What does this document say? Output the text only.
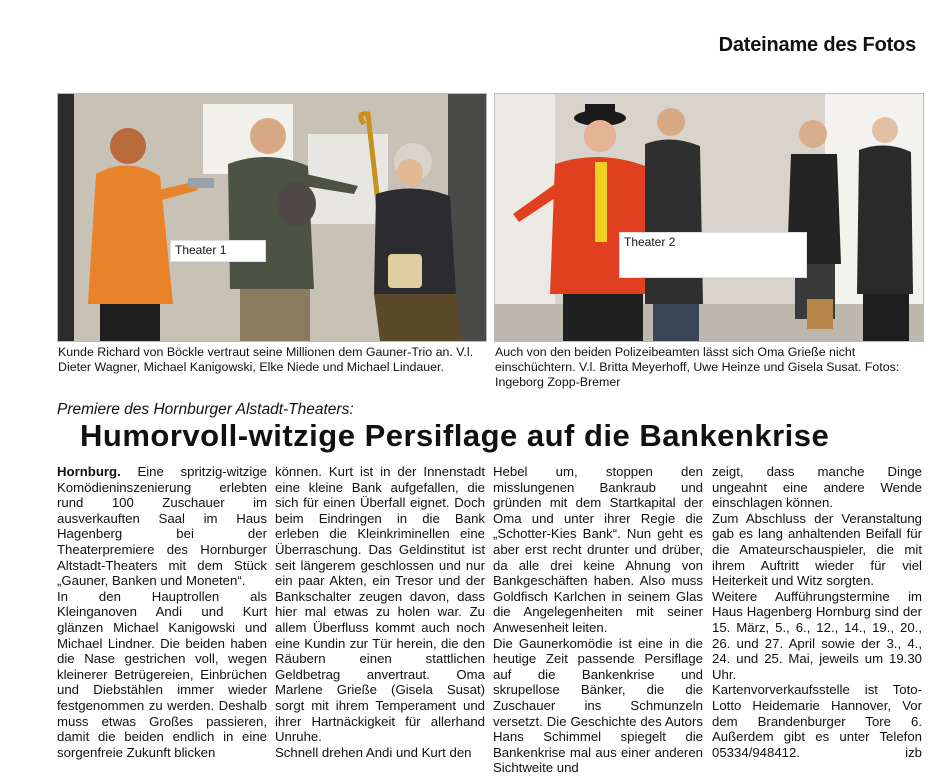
Dateiname des Fotos
Theater 1
Theater 2
Kunde Richard von Böckle vertraut seine Millionen dem Gauner-Trio an. V.l. Dieter Wagner, Michael Kanigowski, Elke Niede und Michael Lindauer.
Auch von den beiden Polizeibeamten lässt sich Oma Grieße nicht einschüchtern. V.l. Britta Meyerhoff, Uwe Heinze und Gisela Susat. Fotos: Ingeborg Zopp-Bremer
Premiere des Hornburger Alstadt-Theaters:
Humorvoll-witzige Persiflage auf die Bankenkrise

Hornburg. Eine spritzig-witzige Komödieninszenierung erlebten rund 100 Zuschauer im ausverkauften Saal im Haus Hagenberg bei der Theaterpremiere des Hornburger Altstadt-Theaters mit dem Stück „Gauner, Banken und Moneten“.

In den Hauptrollen als Kleinganoven Andi und Kurt glänzen Michael Kanigowski und Michael Lindner. Die beiden haben die Nase gestrichen voll, wegen kleinerer Betrügereien, Einbrüchen und Diebstählen immer wieder festgenommen zu werden. Deshalb muss etwas Großes passieren, damit die beiden endlich in eine sorgenfreie Zukunft blicken

können. Kurt ist in der Innenstadt eine kleine Bank aufgefallen, die sich für einen Überfall eignet. Doch beim Eindringen in die Bank erleben die Kleinkriminellen eine Überraschung. Das Geldinstitut ist seit längerem geschlossen und nur ein paar Akten, ein Tresor und der Bankschalter zeugen davon, dass hier mal etwas zu holen war. Zu allem Überfluss kommt auch noch eine Kundin zur Tür herein, die den Räubern einen stattlichen Geldbetrag anvertraut. Oma Marlene Grieße (Gisela Susat) sorgt mit ihrem Temperament und ihrer Hartnäckigkeit für allerhand Unruhe.

Schnell drehen Andi und Kurt den

Hebel um, stoppen den misslungenen Bankraub und gründen mit dem Startkapital der Oma und unter ihrer Regie die „Schotter-Kies Bank“. Nun geht es aber erst recht drunter und drüber, da alle drei keine Ahnung von Bankgeschäften haben. Also muss Goldfisch Karlchen in seinem Glas die Angelegenheiten mit seiner Anwesenheit leiten.

Die Gaunerkomödie ist eine in die heutige Zeit passende Persiflage auf die Bankenkrise und skrupellose Bänker, die die Zuschauer ins Schmunzeln versetzt. Die Geschichte des Autors Hans Schimmel spiegelt die Bankenkrise mal aus einer anderen Sichtweite und

zeigt, dass manche Dinge ungeahnt eine andere Wende einschlagen können.

Zum Abschluss der Veranstaltung gab es lang anhaltenden Beifall für die Amateurschauspieler, die mit ihrem Auftritt wieder für viel Heiterkeit und Witz sorgten.

Weitere Aufführungstermine im Haus Hagenberg Hornburg sind der 15. März, 5., 6., 12., 14., 19., 20., 26. und 27. April sowie der 3., 4., 24. und 25. Mai, jeweils um 19.30 Uhr.

Kartenvorverkaufsstelle ist Toto-Lotto Heidemarie Hannover, Vor dem Brandenburger Tore 6. Außerdem gibt es unter Telefon 05334/948412.	izb
